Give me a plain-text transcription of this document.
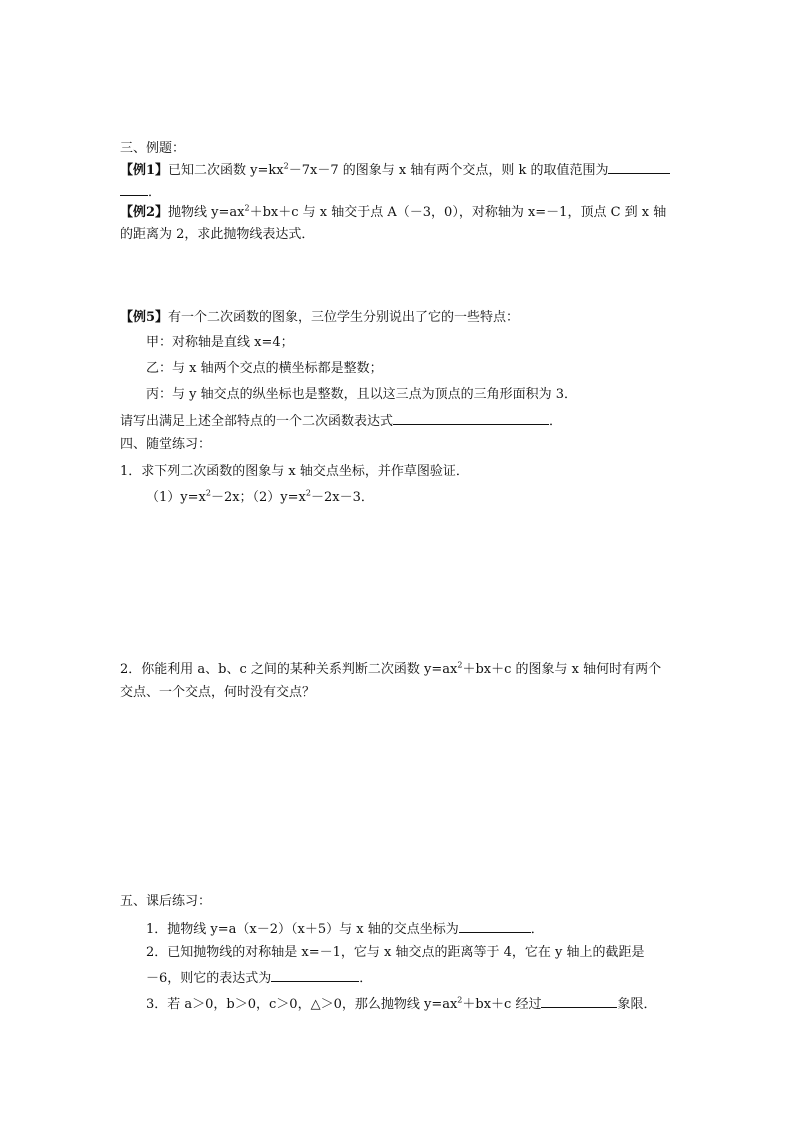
三、例题：
【例1】已知二次函数 $y=kx^2-7x-7$ 的图象与 x 轴有两个交点，则 k 的取值范围为
．
【例2】抛物线 $y=ax^2+bx+c$ 与 x 轴交于点 A（－3，0），对称轴为 x=－1，顶点 C 到 x 轴
的距离为 2，求此抛物线表达式．
【例5】有一个二次函数的图象，三位学生分别说出了它的一些特点：
甲：对称轴是直线 x=4；
乙：与 x 轴两个交点的横坐标都是整数；
丙：与 y 轴交点的纵坐标也是整数，且以这三点为顶点的三角形面积为 3．
请写出满足上述全部特点的一个二次函数表达式	．
四、随堂练习：
1．求下列二次函数的图象与 x 轴交点坐标，并作草图验证．
$(1)y=x^2-2x$；$(2)y=x^2-2x-3$．
2．你能利用 a、b、c 之间的某种关系判断二次函数 $y=ax^2+bx+c$ 的图象与 x 轴何时有两个
交点、一个交点，何时没有交点？
五、课后练习：
1．抛物线 y=a（x－2）（x＋5）与 x 轴的交点坐标为	．
2．已知抛物线的对称轴是 x=－1，它与 x 轴交点的距离等于 4，它在 y 轴上的截距是
－6，则它的表达式为	．
3．若 a＞0，b＞0，c＞0，△＞0，那么抛物线 $y=ax^2+bx+c$ 经过	象限．
